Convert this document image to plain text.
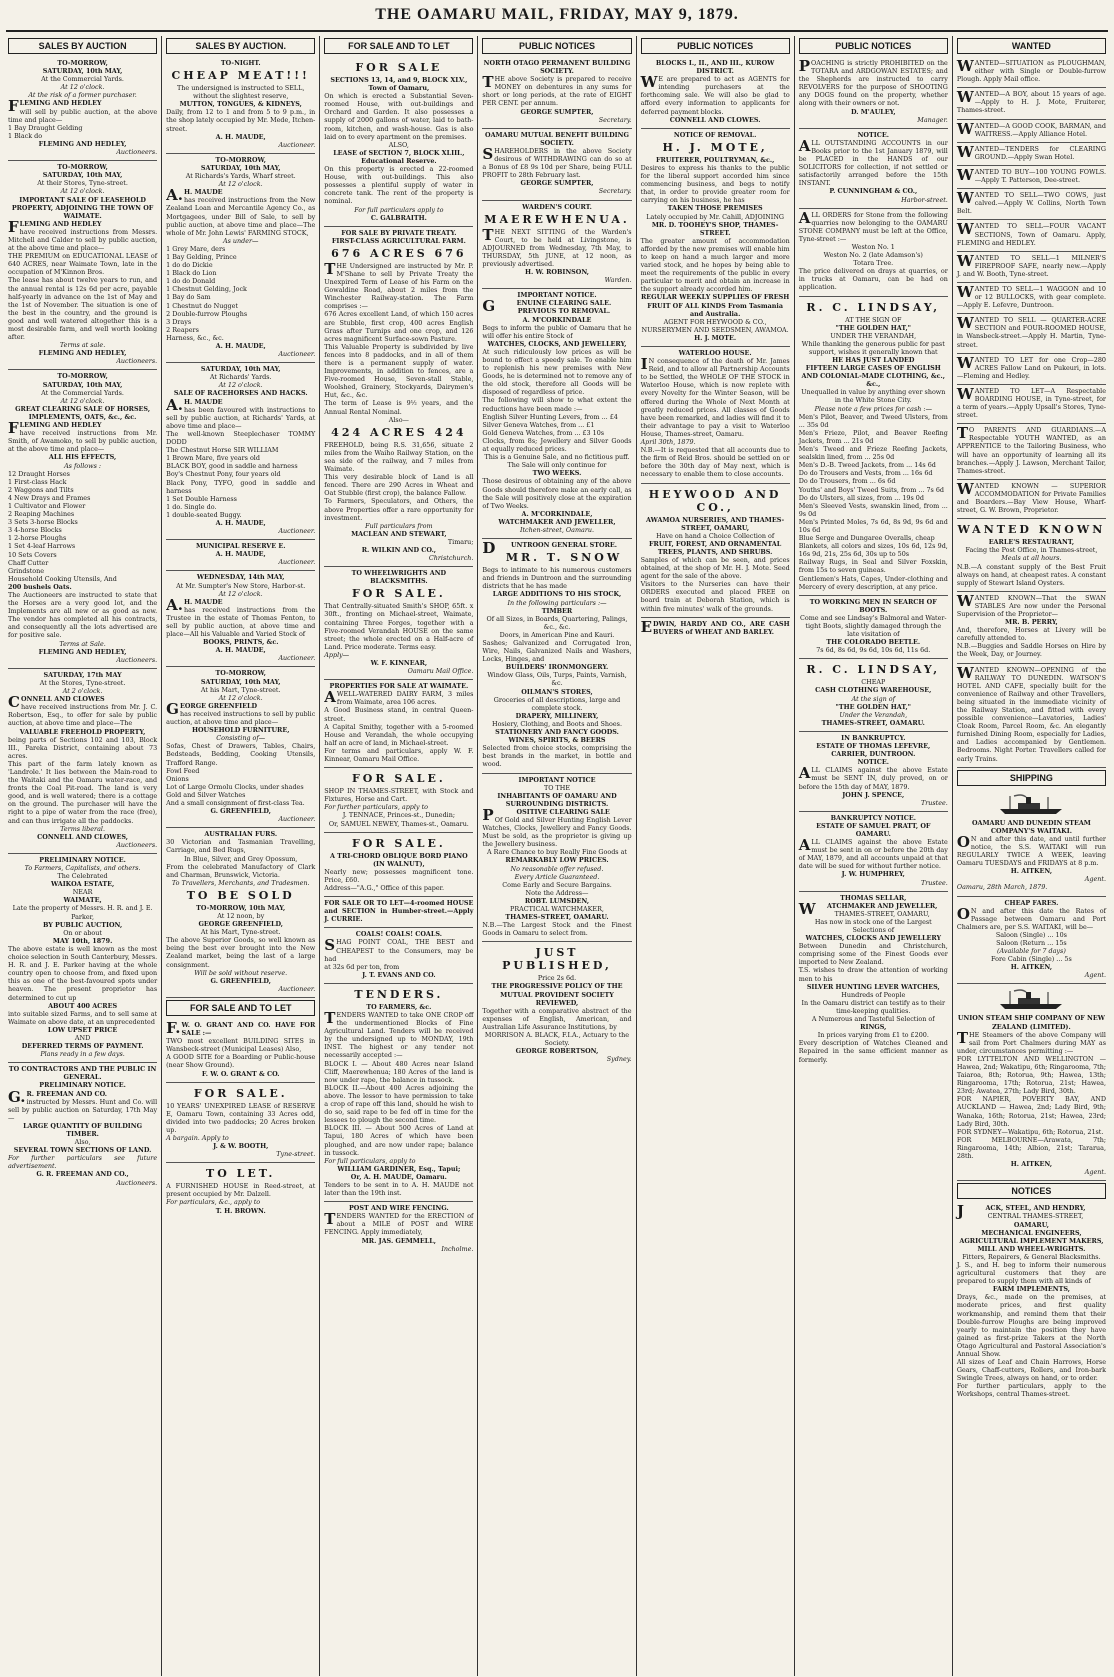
THE OAMARU MAIL, FRIDAY, MAY 9, 1879.
SALES BY AUCTION
TO-MORROW,
SATURDAY, 10th MAY,
At the Commercial Yards.
At 12 o'clock.
At the risk of a former purchaser.
FLEMING AND HEDLEY
will sell by public auction, at the above time and place—
1 Bay Draught Gelding
1 Black do
FLEMING AND HEDLEY,
Auctioneers.
TO-MORROW,
SATURDAY, 10th MAY,
At their Stores, Tyne-street.
At 12 o'clock.
IMPORTANT SALE OF LEASEHOLD PROPERTY, ADJOINING THE TOWN OF WAIMATE.
FLEMING AND HEDLEY
have received instructions from Messrs. Mitchell and Calder to sell by public auction, at the above time and place—
THE PREMIUM on EDUCATIONAL LEASE of 640 ACRES, near Waimate Town, late in the occupation of M'Kinnon Bros.
The lease has about twelve years to run, and the annual rental is 12s 6d per acre, payable half-yearly in advance on the 1st of May and the 1st of November. The situation is one of the best in the country, and the ground is good and well watered altogether this is a most desirable farm, and well worth looking after.
Terms at sale.
FLEMING AND HEDLEY,
Auctioneers.
TO-MORROW,
SATURDAY, 10th MAY,
At the Commercial Yards.
At 12 o'clock.
GREAT CLEARING SALE OF HORSES, IMPLEMENTS, OATS, &c., &c.
FLEMING AND HEDLEY
have received instructions from Mr. Smith, of Awamoko, to sell by public auction, at the above time and place—
ALL HIS EFFECTS,
As follows :
12 Draught Horses
1 First-class Hack
2 Waggons and Tilts
4 New Drays and Frames
1 Cultivator and Flower
2 Reaping Machines
3 Sets 3-horse Blocks
3 4-horse Blocks
1 2-horse Ploughs
1 Set 4-leaf Harrows
10 Sets Covers
Chaff Cutter
Grindstone
Household Cooking Utensils, And
200 bushels Oats.
The Auctioneers are instructed to state that the Horses are a very good lot, and the Implements are all new or as good as new. The vendor has completed all his contracts, and consequently all the lots advertised are for positive sale.
Terms at Sale.
FLEMING AND HEDLEY,
Auctioneers.
SATURDAY, 17th MAY
At the Stores, Tyne-street.
At 2 o'clock.
CONNELL AND CLOWES
have received instructions from Mr. J. C. Robertson, Esq., to offer for sale by public auction, at above time and place—The
VALUABLE FREEHOLD PROPERTY,
being parts of Sections 102 and 103, Block III., Pareka District, containing about 73 acres.
This part of the farm lately known as 'Landrole.' It lies between the Main-road to the Waitaki and the Oamaru water-race, and fronts the Coal Pit-road. The land is very good, and is well watered; there is a cottage on the ground. The purchaser will have the right to a pipe of water from the race (free), and can thus irrigate all the paddocks.
Terms liberal.
CONNELL AND CLOWES,
Auctioneers.
PRELIMINARY NOTICE.
To Farmers, Capitalists, and others.
The Celebrated
WAIKOA ESTATE,
NEAR
WAIMATE,
Late the property of Messrs. H. R. and J. E. Parker,
BY PUBLIC AUCTION,
On or about
MAY 10th, 1879.
The above estate is well known as the most choice selection in South Canterbury, Messrs. H. R. and J. E. Parker having at the whole country open to choose from, and fixed upon this as one of the best-favoured spots under heaven. The present proprietor has determined to cut up
ABOUT 400 ACRES
into suitable sized Farms, and to sell same at Waimate on above date, at an unprecedented
LOW UPSET PRICE
AND
DEFERRED TERMS OF PAYMENT.
Plans ready in a few days.
TO CONTRACTORS AND THE PUBLIC IN GENERAL.
PRELIMINARY NOTICE.
G.R. FREEMAN AND CO.
instructed by Messrs. Hunt and Co. will sell by public auction on Saturday, 17th May—
LARGE QUANTITY OF BUILDING TIMBER.
Also,
SEVERAL TOWN SECTIONS OF LAND.
For further particulars see future advertisement.
G. R. FREEMAN AND CO.,
Auctioneers.
SALES BY AUCTION.
TO-NIGHT.
CHEAP MEAT!!!
The undersigned is instructed to SELL, without the slightest reserve,
MUTTON, TONGUES, & KIDNEYS,
Daily, from 12 to 1 and from 5 to 9 p.m., in the shop lately occupied by Mr. Mede, Itchen-street.
A. H. MAUDE,
Auctioneer.
TO-MORROW,
SATURDAY, 10th MAY,
At Richards's Yards, Wharf street.
At 12 o'clock.
A.H. MAUDE
has received instructions from the New Zealand Loan and Mercantile Agency Co., as Mortgagees, under Bill of Sale, to sell by public auction, at above time and place—The whole of Mr. John Lewis' FARMING STOCK,
As under—
1 Grey Mare, ders
1 Bay Gelding, Prince
1 do do Dickie
1 Black do Lion
1 do do Donald
1 Chestnut Gelding, Jock
1 Bay do Sam
1 Chestnut do Nugget
2 Double-furrow Ploughs
3 Drays
2 Reapers
Harness, &c., &c.
A. H. MAUDE,
Auctioneer.
SATURDAY, 10th MAY,
At Richards' Yards.
At 12 o'clock.
SALE OF RACEHORSES AND HACKS.
A.H. MAUDE
has been favoured with instructions to sell by public auction, at Richards' Yards, at above time and place—
The well-known Steeplechaser TOMMY DODD
The Chestnut Horse SIR WILLIAM
1 Brown Mare, five years old
BLACK BOY, good in saddle and harness
Boy's Chestnut Pony, four years old
Black Pony, TYFO, good in saddle and harness
1 Set Double Harness
1 do. Single do.
1 double-seated Buggy.
A. H. MAUDE,
Auctioneer.
MUNICIPAL RESERVE E.
A. H. MAUDE,
Auctioneer.
WEDNESDAY, 14th MAY,
At Mr. Sumpter's New Store, Harbor-st.
At 12 o'clock.
A.H. MAUDE
has received instructions from the Trustee in the estate of Thomas Fenton, to sell by public auction, at above time and place—All his Valuable and Varied Stock of
BOOKS, PRINTS, &c.
A. H. MAUDE,
Auctioneer.
TO-MORROW,
SATURDAY, 10th MAY,
At his Mart, Tyne-street.
At 12 o'clock.
GEORGE GREENFIELD
has received instructions to sell by public auction, at above time and place—
HOUSEHOLD FURNITURE,
Consisting of—
Sofas, Chest of Drawers, Tables, Chairs, Bedsteads, Bedding, Cooking Utensils, Trafford Range.
Fowl Feed
Onions
Lot of Large Ormolu Clocks, under shades
Gold and Silver Watches
And a small consignment of first-class Tea.
G. GREENFIELD,
Auctioneer.
AUSTRALIAN FURS.
30 Victorian and Tasmanian Travelling, Carriage, and Bed Rugs,
In Blue, Silver, and Grey Opossum,
From the celebrated Manufactory of Clark and Charman, Brunswick, Victoria.
To Travellers, Merchants, and Tradesmen.
TO BE SOLD
TO-MORROW, 10th MAY,
At 12 noon, by
GEORGE GREENFIELD,
At his Mart, Tyne-street.
The above Superior Goods, so well known as being the best ever brought into the New Zealand market, being the last of a large consignment.
Will be sold without reserve.
G. GREENFIELD,
Auctioneer.
FOR SALE AND TO LET
F.W. O. GRANT AND CO. HAVE FOR SALE :—
TWO most excellent BUILDING SITES in Wansbeck-street (Municipal Leases) Also,
A GOOD SITE for a Boarding or Public-house (near Show Ground).
F. W. O. GRANT & CO.
FOR SALE.
10 YEARS' UNEXPIRED LEASE of RESERVE E, Oamaru Town, containing 33 Acres odd, divided into two paddocks; 20 Acres broken up.
A bargain. Apply to
J. & W. BOOTH,
Tyne-street.
TO LET.
A FURNISHED HOUSE in Reed-street, at present occupied by Mr. Dalzell.
For particulars, &c., apply to
T. H. BROWN.
FOR SALE AND TO LET
FOR SALE
SECTIONS 13, 14, and 9, BLOCK XLV., Town of Oamaru,
On which is erected a Substantial Seven-roomed House, with out-buildings and Orchard and Garden. It also possesses a supply of 2000 gallons of water, laid to bath-room, kitchen, and wash-house. Gas is also laid on to every apartment on the premises.
ALSO,
LEASE of SECTION 7, BLOCK XLIII., Educational Reserve.
On this property is erected a 22-roomed House, with out-buildings. This also possesses a plentiful supply of water in concrete tank. The rent of the property is nominal.
For full particulars apply to
C. GALBRAITH.
FOR SALE BY PRIVATE TREATY.
FIRST-CLASS AGRICULTURAL FARM.
676 ACRES 676
THE Undersigned are instructed by Mr. P. M'Shane to sell by Private Treaty the Unexpired Term of Lease of his Farm on the Gowaldine Road, about 2 miles from the Winchester Railway-station. The Farm comprises :—
676 Acres excellent Land, of which 150 acres are Stubble, first crop, 400 acres English Grass after Turnips and one crop, and 126 acres magnificent Surface-sown Pasture.
This Valuable Property is subdivided by live fences into 8 paddocks, and in all of them there is a permanent supply of water. Improvements, in addition to fences, are a Five-roomed House, Seven-stall Stable, Woolshed, Grainery, Stockyards, Dairymen's Hut, &c., &c.
The term of Lease is 9½ years, and the Annual Rental Nominal.
Also—
424 ACRES 424
FREEHOLD, being R.S. 31,656, situate 2 miles from the Waiho Railway Station, on the sea side of the railway, and 7 miles from Waimate.
This very desirable block of Land is all fenced. There are 290 Acres in Wheat and Oat Stubble (first crop), the balance Fallow.
To Farmers, Speculators, and Others, the above Properties offer a rare opportunity for investment.
Full particulars from
MACLEAN AND STEWART,
Timaru;
R. WILKIN AND CO.,
Christchurch.
TO WHEELWRIGHTS AND BLACKSMITHS.
FOR SALE.
That Centrally-situated Smith's SHOP, 65ft. x 30ft., fronting on Michael-street, Waimate, containing Three Forges, together with a Five-roomed Verandah HOUSE on the same street; the whole erected on a Half-acre of Land. Price moderate. Terms easy.
Apply—
W. F. KINNEAR,
Oamaru Mail Office.
PROPERTIES FOR SALE AT WAIMATE.
AWELL-WATERED DAIRY FARM, 3 miles from Waimate, area 106 acres.
A Good Business stand, in central Queen-street.
A Capital Smithy, together with a 5-roomed House and Verandah, the whole occupying half an acre of land, in Michael-street.
For terms and particulars, apply W. F. Kinnear, Oamaru Mail Office.
FOR SALE.
SHOP IN THAMES-STREET, with Stock and Fixtures, Horse and Cart.
For further particulars, apply to
J. TENNACE, Princes-st., Dunedin;
Or, SAMUEL NEWEY, Thames-st., Oamaru.
FOR SALE.
A TRI-CHORD OBLIQUE BORD PIANO (IN WALNUT),
Nearly new; possesses magnificent tone. Price, £60.
Address—"A.G.," Office of this paper.
FOR SALE OR TO LET—4-roomed HOUSE and SECTION in Humber-street.—Apply J. CURRIE.
COALS! COALS! COALS.
SHAG POINT COAL, THE BEST and CHEAPEST to the Consumers, may be had
at 32s 6d per ton, from
J. T. EVANS AND CO.
TENDERS.
TO FARMERS, &c.
TENDERS WANTED to take ONE CROP off the undermentioned Blocks of Fine Agricultural Land. Tenders will be received by the undersigned up to MONDAY, 19th INST. The highest or any tender not necessarily accepted :—
BLOCK I. — About 480 Acres near Island Cliff, Maerewhenua; 180 Acres of the land is now under rape, the balance in tussock.
BLOCK II.—About 400 Acres adjoining the above. The lessor to have permission to take a crop of rape off this land, should he wish to do so, said rape to be fed off in time for the lessees to plough the second time.
BLOCK III. — About 500 Acres of Land at Tapui, 180 Acres of which have been ploughed, and are now under rape; balance in tussock.
For full particulars, apply to
WILLIAM GARDINER, Esq., Tapui;
Or, A. H. MAUDE, Oamaru.
Tenders to be sent in to A. H. MAUDE not later than the 19th inst.
POST AND WIRE FENCING.
TENDERS WANTED for the ERECTION of about a MILE of POST and WIRE FENCING. Apply immediately,
MR. JAS. GEMMELL,
Incholme.
PUBLIC NOTICES
NORTH OTAGO PERMANENT BUILDING SOCIETY.
THE above Society is prepared to receive MONEY on debentures in any sums for short or long periods, at the rate of EIGHT PER CENT. per annum.
GEORGE SUMPTER,
Secretary.
OAMARU MUTUAL BENEFIT BUILDING SOCIETY.
SHAREHOLDERS in the above Society desirous of WITHDRAWING can do so at a Bonus of £8 9s 10d per Share, being FULL PROFIT to 28th February last.
GEORGE SUMPTER,
Secretary.
WARDEN'S COURT.
MAEREWHENUA.
THE NEXT SITTING of the Warden's Court, to be held at Livingstone, is ADJOURNED from Wednesday, 7th May, to THURSDAY, 5th JUNE, at 12 noon, as previously advertised.
H. W. ROBINSON,
Warden.
IMPORTANT NOTICE.
GENUINE CLEARING SALE. PREVIOUS TO REMOVAL.
A. M'CORKINDALE
Begs to inform the public of Oamaru that he will offer his entire Stock of
WATCHES, CLOCKS, AND JEWELLERY,
At such ridiculously low prices as will be bound to effect a speedy sale. To enable him to replenish his new premises with New Goods, he is determined not to remove any of the old stock, therefore all Goods will be disposed of regardless of price.
The following will show to what extent the reductions have been made :—
English Silver Hunting Levers, from ... £4
Silver Geneva Watches, from ... £1
Gold Geneva Watches, from ... £3 10s
Clocks, from 8s; Jewellery and Silver Goods at equally reduced prices.
This is a Genuine Sale, and no fictitious puff.
The Sale will only continue for
TWO WEEKS.
Those desirous of obtaining any of the above Goods should therefore make an early call, as the Sale will positively close at the expiration of Two Weeks.
A. M'CORKINDALE,
WATCHMAKER AND JEWELLER,
Itchen-street, Oamaru.
DUNTROON GENERAL STORE.
MR. T. SNOW
Begs to intimate to his numerous customers and friends in Duntroon and the surrounding districts that he has made
LARGE ADDITIONS TO HIS STOCK,
In the following particulars :—
TIMBER
Of all Sizes, in Boards, Quartering, Palings, &c., &c.
Doors, in American Pine and Kauri.
Sashes; Galvanized and Corrugated Iron, Wire, Nails, Galvanized Nails and Washers, Locks, Hinges, and
BUILDERS' IRONMONGERY.
Window Glass, Oils, Turps, Paints, Varnish, &c.
OILMAN'S STORES,
Groceries of all descriptions, large and complete stock.
DRAPERY, MILLINERY,
Hosiery, Clothing, and Boots and Shoes.
STATIONERY AND FANCY GOODS.
WINES, SPIRITS, & BEERS
Selected from choice stocks, comprising the best brands in the market, in bottle and wood.
IMPORTANT NOTICE
TO THE
INHABITANTS OF OAMARU AND SURROUNDING DISTRICTS.
POSITIVE CLEARING SALE
Of Gold and Silver Hunting English Lever Watches, Clocks, Jewellery and Fancy Goods. Must be sold, as the proprietor is giving up the Jewellery business.
A Rare Chance to buy Really Fine Goods at
REMARKABLY LOW PRICES.
No reasonable offer refused.
Every Article Guaranteed.
Come Early and Secure Bargains.
Note the Address—
ROBT. LUMSDEN,
PRACTICAL WATCHMAKER,
THAMES-STREET, OAMARU.
N.B.—The Largest Stock and the Finest Goods in Oamaru to select from.
JUST PUBLISHED,
Price 2s 6d.
THE PROGRESSIVE POLICY OF THE MUTUAL PROVIDENT SOCIETY REVIEWED,
Together with a comparative abstract of the expenses of English, American, and Australian Life Assurance Institutions, by
MORRISON A. BLACK, F.I.A., Actuary to the Society.
GEORGE ROBERTSON,
Sydney.
PUBLIC NOTICES
BLOCKS I., II., AND III., KUROW DISTRICT.
WE are prepared to act as AGENTS for intending purchasers at the forthcoming sale. We will also be glad to afford every information to applicants for deferred payment blocks.
CONNELL AND CLOWES.
NOTICE OF REMOVAL.
H. J. MOTE,
FRUITERER, POULTRYMAN, &c.,
Desires to express his thanks to the public for the liberal support accorded him since commencing business, and begs to notify that, in order to provide greater room for carrying on his business, he has
TAKEN THOSE PREMISES
Lately occupied by Mr. Cahill, ADJOINING
MR. D. TOOHEY'S SHOP, THAMES-STREET.
The greater amount of accommodation afforded by the new premises will enable him to keep on hand a much larger and more varied stock, and he hopes by being able to meet the requirements of the public in every particular to merit and obtain an increase in the support already accorded him.
REGULAR WEEKLY SUPPLIES OF FRESH FRUIT OF ALL KINDS From Tasmania and Australia.
AGENT FOR HEYWOOD & CO., NURSERYMEN AND SEEDSMEN, AWAMOA.
H. J. MOTE.
WATERLOO HOUSE.
IN consequence of the death of Mr. James Reid, and to allow all Partnership Accounts to be Settled, the WHOLE OF THE STOCK in Waterloo House, which is now replete with every Novelty for the Winter Season, will be offered during the Whole of Next Month at greatly reduced prices. All classes of Goods have been remarked, and ladies will find it to their advantage to pay a visit to Waterloo House, Thames-street, Oamaru.
April 30th, 1879.
N.B.—It is requested that all accounts due to the firm of Reid Bros. should be settled on or before the 30th day of May next, which is necessary to enable them to close accounts.
HEYWOOD AND CO.,
AWAMOA NURSERIES, AND THAMES-STREET, OAMARU,
Have on hand a Choice Collection of
FRUIT, FOREST, AND ORNAMENTAL TREES, PLANTS, AND SHRUBS.
Samples of which can be seen, and prices obtained, at the shop of Mr. H. J. Mote. Seed agent for the sale of the above.
Visitors to the Nurseries can have their ORDERS executed and placed FREE on board train at Deborah Station, which is within five minutes' walk of the grounds.
EDWIN, HARDY AND CO., ARE CASH BUYERS of WHEAT AND BARLEY.
PUBLIC NOTICES
POACHING is strictly PROHIBITED on the TOTARA and ARDGOWAN ESTATES; and the Shepherds are instructed to carry REVOLVERS for the purpose of SHOOTING any DOGS found on the property, whether along with their owners or not.
D. M'AULEY,
Manager.
NOTICE.
ALL OUTSTANDING ACCOUNTS in our Books prior to the 1st January 1879, will be PLACED in the HANDS of our SOLICITORS for collection, if not settled or satisfactorily arranged before the 15th INSTANT.
P. CUNNINGHAM & CO.,
Harbor-street.
ALL ORDERS for Stone from the following quarries now belonging to the OAMARU STONE COMPANY must be left at the Office, Tyne-street :—
Weston No. 1
Weston No. 2 (late Adamson's)
Totara Tree.
The price delivered on drays at quarries, or in trucks at Oamaru, can be had on application.
R. C. LINDSAY,
AT THE SIGN OF
"THE GOLDEN HAT,"
UNDER THE VERANDAH,
While thanking the generous public for past support, wishes it generally known that
HE HAS JUST LANDED
FIFTEEN LARGE CASES OF ENGLISH AND COLONIAL-MADE CLOTHING, &c., &c.,
Unequalled in value by anything ever shown in the White Stone City.
Please note a few prices for cash :—
Men's Pilot, Beaver, and Tweed Ulsters, from ... 35s 0d
Men's Frieze, Pilot, and Beaver Reefing Jackets, from ... 21s 0d
Men's Tweed and Frieze Reefing Jackets, sealskin lined, from ... 25s 0d
Men's D.-B. Tweed Jackets, from ... 14s 6d
Do do Trousers and Vests, from ... 16s 6d
Do do Trousers, from ... 6s 6d
Youths' and Boys' Tweed Suits, from ... 7s 6d
Do do Ulsters, all sizes, from ... 19s 0d
Men's Sleeved Vests, swanskin lined, from ... 9s 0d
Men's Printed Moles, 7s 6d, 8s 9d, 9s 6d and 10s 6d
Blue Serge and Dungaree Overalls, cheap
Blankets, all colors and sizes, 10s 6d, 12s 9d, 16s 9d, 21s, 25s 6d, 30s up to 50s
Railway Rugs, in Seal and Silver Foxskin, from 15s to seven guineas.
Gentlemen's Hats, Capes, Under-clothing and Mercery of every description, at any price.
TO WORKING MEN IN SEARCH OF BOOTS.
Come and see Lindsay's Balmoral and Water-tight Boots, slightly damaged through the late visitation of
THE COLORADO BEETLE.
7s 6d, 8s 6d, 9s 6d, 10s 6d, 11s 6d.
R. C. LINDSAY,
CHEAP
CASH CLOTHING WAREHOUSE,
At the sign of
"THE GOLDEN HAT,"
Under the Verandah,
THAMES-STREET, OAMARU.
IN BANKRUPTCY.
ESTATE OF THOMAS LEFEVRE, CARRIER, DUNTROON.
NOTICE.
ALL CLAIMS against the above Estate must be SENT IN, duly proved, on or before the 15th day of MAY, 1879.
JOHN J. SPENCE,
Trustee.
BANKRUPTCY NOTICE.
ESTATE OF SAMUEL PRATT, OF OAMARU.
ALL CLAIMS against the above Estate must be sent in on or before the 20th day of MAY, 1879, and all accounts unpaid at that date will be sued for without further notice.
J. W. HUMPHREY,
Trustee.
THOMAS SELLAR,
WATCHMAKER AND JEWELLER,
THAMES-STREET, OAMARU,
Has now in stock one of the Largest Selections of
WATCHES, CLOCKS AND JEWELLERY
Between Dunedin and Christchurch, comprising some of the Finest Goods ever imported to New Zealand.
T.S. wishes to draw the attention of working men to his
SILVER HUNTING LEVER WATCHES,
Hundreds of People
In the Oamaru district can testify as to their time-keeping qualities.
A Numerous and Tasteful Selection of
RINGS,
In prices varying from £1 to £200.
Every description of Watches Cleaned and Repaired in the same efficient manner as formerly.
WANTED
WANTED—SITUATION as PLOUGHMAN, either with Single or Double-furrow Plough. Apply Mail office.
WANTED—A BOY, about 15 years of age.—Apply to H. J. Mote, Fruiterer, Thames-street.
WANTED—A GOOD COOK, BARMAN, and WAITRESS.—Apply Alliance Hotel.
WANTED—TENDERS for CLEARING GROUND.—Apply Swan Hotel.
WANTED TO BUY—100 YOUNG FOWLS.—Apply T. Patterson, Dee-street.
WANTED TO SELL—TWO COWS, just calved.—Apply W. Collins, North Town Belt.
WANTED TO SELL—FOUR VACANT SECTIONS, Town of Oamaru. Apply, FLEMING and HEDLEY.
WANTED TO SELL—1 MILNER'S FIREPROOF SAFE, nearly new.—Apply J. and W. Booth, Tyne-street.
WANTED TO SELL—1 WAGGON and 10 or 12 BULLOCKS, with gear complete.—Apply E. Lefevre, Duntroon.
WANTED TO SELL — QUARTER-ACRE SECTION and FOUR-ROOMED HOUSE, in Wansbeck-street.—Apply H. Martin, Tyne-street.
WANTED TO LET for one Crop—280 ACRES Fallow Land on Pukeuri, in lots.—Fleming and Hedley.
WANTED TO LET—A Respectable BOARDING HOUSE, in Tyne-street, for a term of years.—Apply Upsall's Stores, Tyne-street.
TO PARENTS AND GUARDIANS.—A Respectable YOUTH WANTED, as an APPRENTICE to the Tailoring Business, who will have an opportunity of learning all its branches.—Apply J. Lawson, Merchant Tailor, Thames-street.
WANTED KNOWN — SUPERIOR ACCOMMODATION for Private Families and Boarders.—Bay View House, Wharf-street, G. W. Brown, Proprietor.
WANTED KNOWN
EARLE'S RESTAURANT,
Facing the Post Office, in Thames-street,
Meals at all hours.
N.B.—A constant supply of the Best Fruit always on hand, at cheapest rates. A constant supply of Stewart Island Oysters.
WANTED KNOWN—That the SWAN STABLES Are now under the Personal Supervision of the Proprietor—
MR. B. PERRY,
And, therefore, Horses at Livery will be carefully attended to.
N.B.—Buggies and Saddle Horses on Hire by the Week, Day, or Journey.
WANTED KNOWN—OPENING of the RAILWAY TO DUNEDIN. WATSON'S HOTEL AND CAFE, specially built for the convenience of Railway and other Travellers, being situated in the immediate vicinity of the Railway Station, and fitted with every possible convenience—Lavatories, Ladies' Cloak Room, Parcel Room, &c. An elegantly furnished Dining Room, especially for Ladies, and Ladies accompanied by Gentlemen. Bedrooms. Night Porter. Travellers called for early Trains.
SHIPPING
OAMARU AND DUNEDIN STEAM COMPANY'S WAITAKI.
ON and after this date, and until further notice, the S.S. WAITAKI will run REGULARLY TWICE A WEEK, leaving Oamaru TUESDAYS and FRIDAYS at 8 p.m.
H. AITKEN,
Agent.
Oamaru, 28th March, 1879.
CHEAP FARES.
ON and after this date the Rates of Passage between Oamaru and Port Chalmers are, per S.S. WAITAKI, will be—
Saloon (Single) ... 10s
Saloon (Return ... 15s
(Available for 7 days)
Fore Cabin (Single) ... 5s
H. AITKEN,
Agent.
UNION STEAM SHIP COMPANY OF NEW ZEALAND (LIMITED).
THE Steamers of the above Company will sail from Port Chalmers during MAY as under, circumstances permitting :—
FOR LYTTELTON AND WELLINGTON —Hawea, 2nd; Wakatipu, 6th; Ringarooma, 7th; Taiaroa, 8th; Rotorua, 9th; Hawea, 13th; Ringarooma, 17th; Rotorua, 21st; Hawea, 23rd; Awatea, 27th; Lady Bird, 30th.
FOR NAPIER, POVERTY BAY, AND AUCKLAND — Hawea, 2nd; Lady Bird, 9th; Wanaka, 16th; Rotorua, 21st; Hawea, 23rd; Lady Bird, 30th.
FOR SYDNEY—Wakatipu, 6th; Rotorua, 21st.
FOR MELBOURNE—Arawata, 7th; Ringarooma, 14th; Albion, 21st; Tararua, 28th.
H. AITKEN,
Agent.
NOTICES
JACK, STEEL, AND HENDRY,
CENTRAL THAMES-STREET,
OAMARU,
MECHANICAL ENGINEERS, AGRICULTURAL IMPLEMENT MAKERS, MILL AND WHEEL-WRIGHTS.
Fitters, Repairers, & General Blacksmiths.
J. S., and H. beg to inform their numerous agricultural customers that they are prepared to supply them with all kinds of
FARM IMPLEMENTS,
Drays, &c., made on the premises, at moderate prices, and first quality workmanship, and remind them that their Double-furrow Ploughs are being improved yearly to maintain the position they have gained as first-prize Takers at the North Otago Agricultural and Pastoral Association's Annual Show.
All sizes of Leaf and Chain Harrows, Horse Gears, Chaff-cutters, Rollers, and Iron-bark Swingle Trees, always on hand, or to order.
For further particulars, apply to the Workshops, central Thames-street.
